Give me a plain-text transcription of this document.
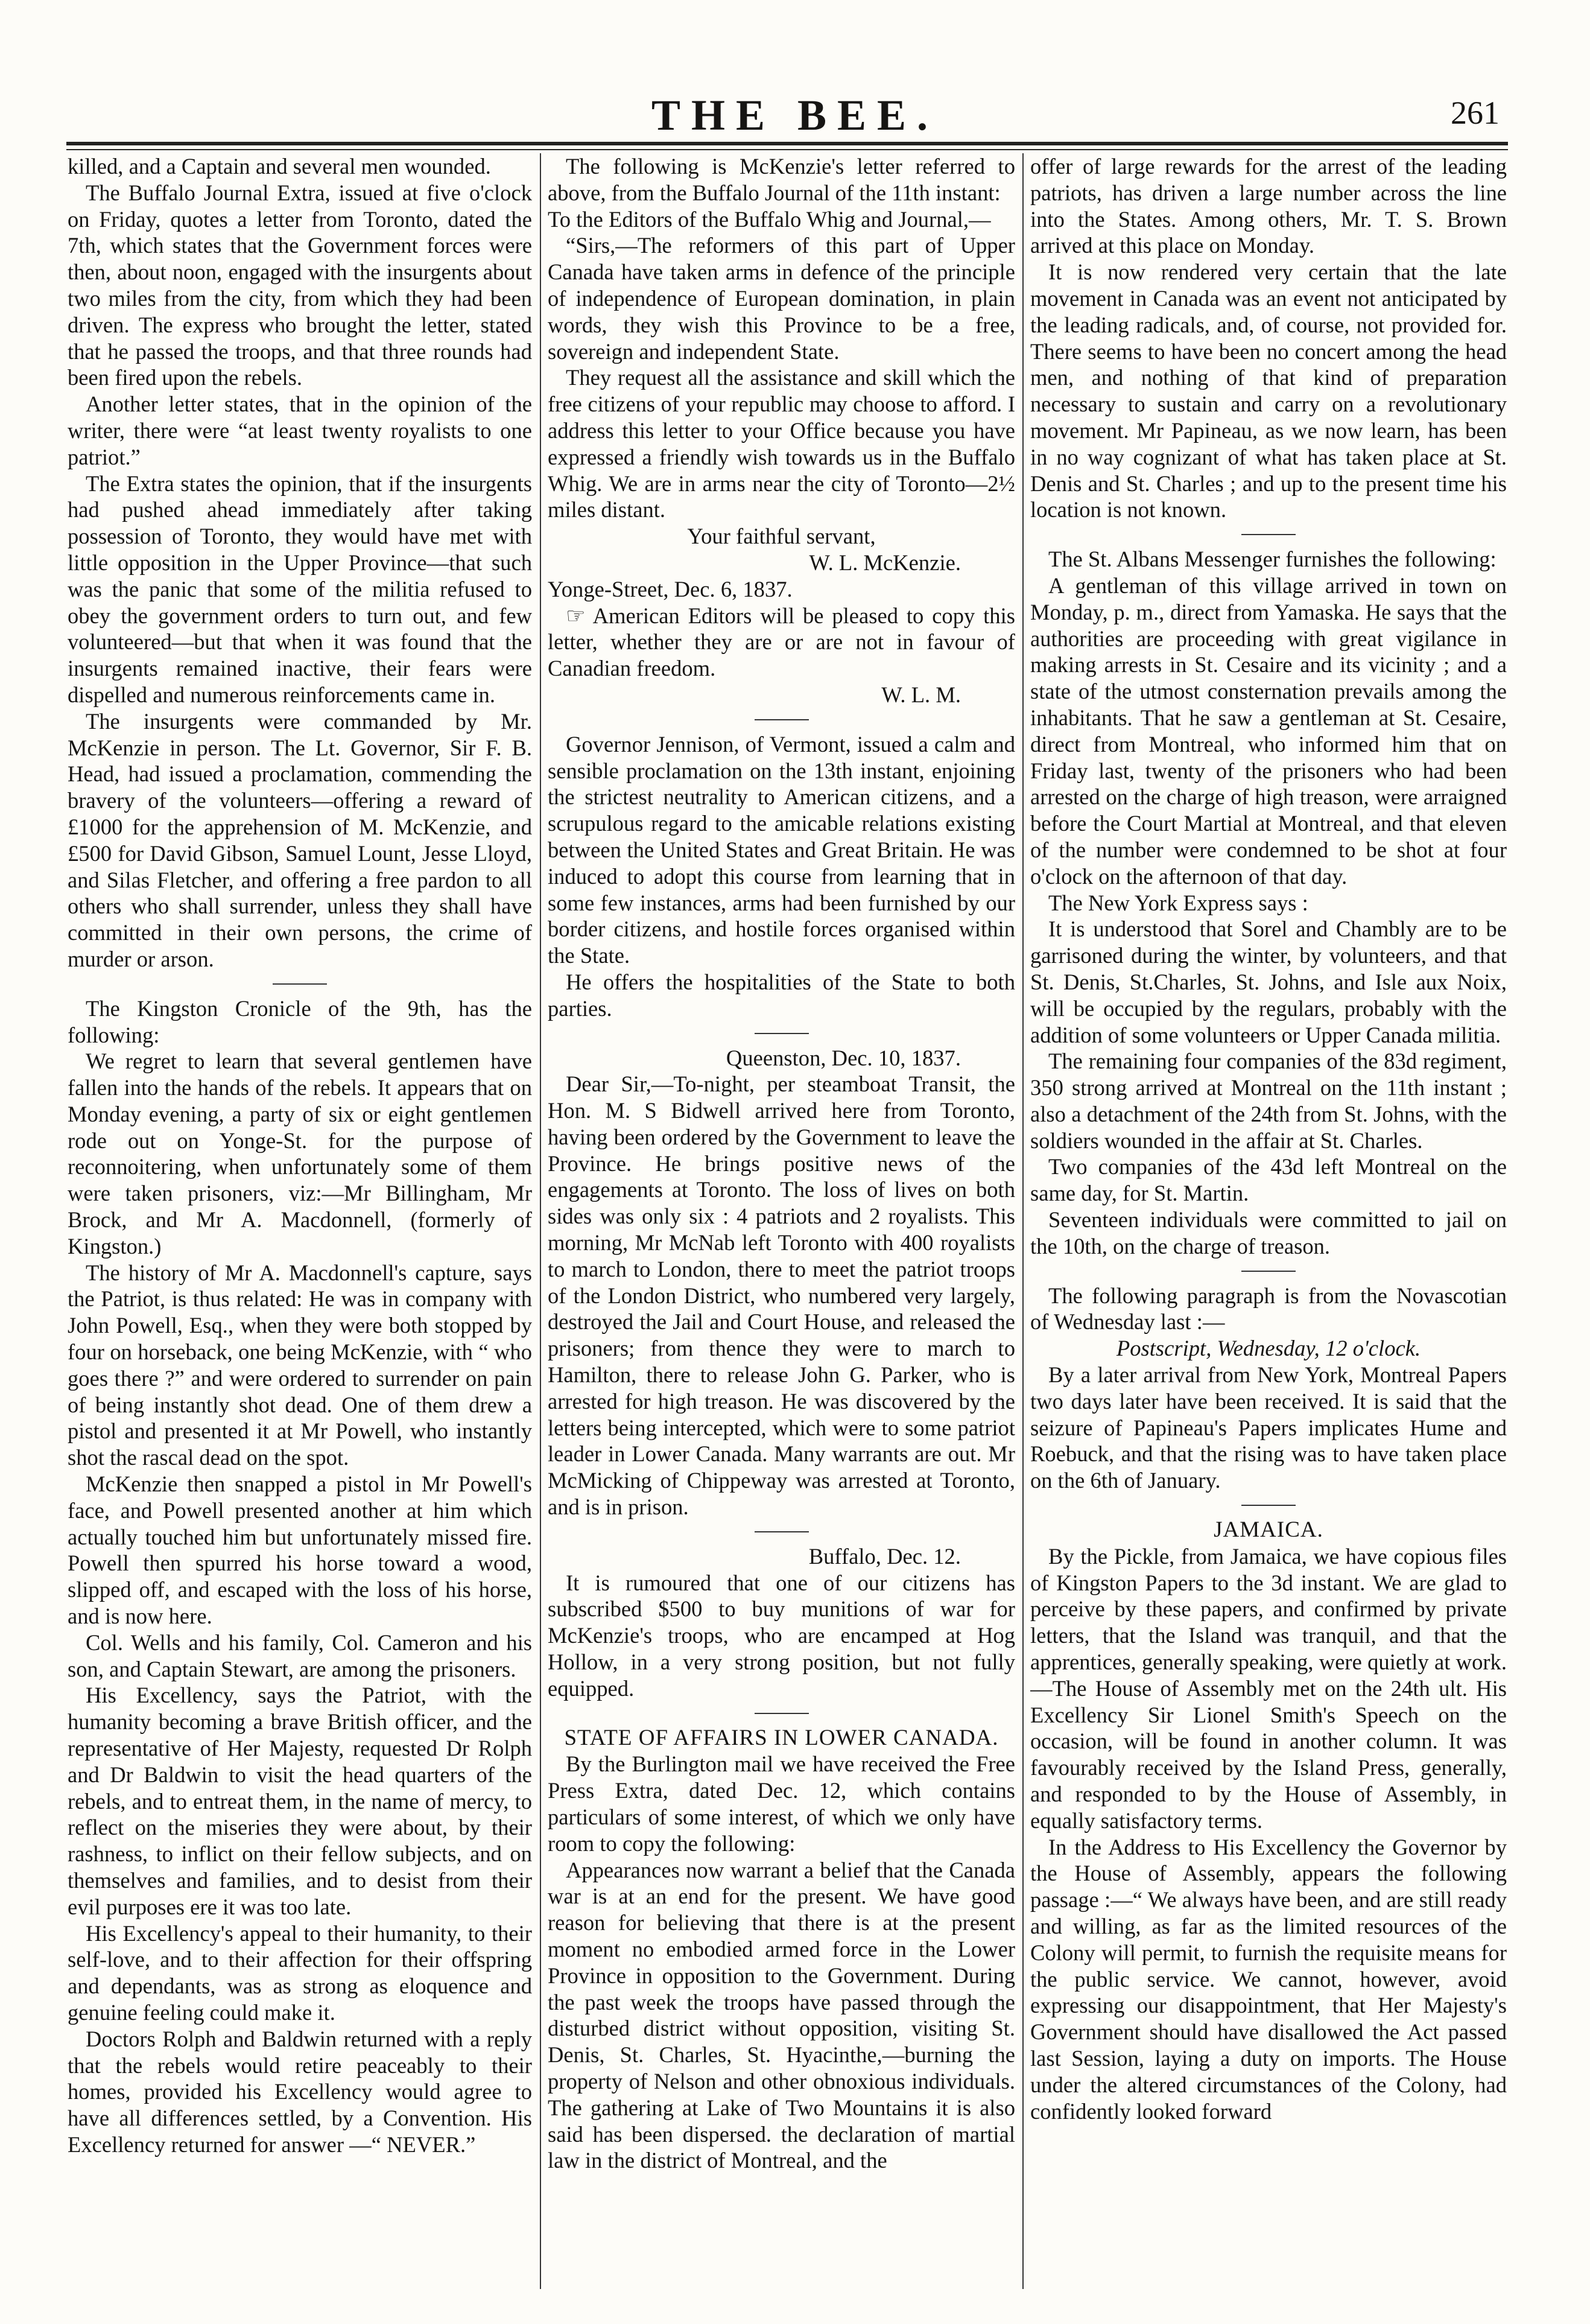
THE BEE.	261

killed, and a Captain and several men wounded.

The Buffalo Journal Extra, issued at five o'clock on Friday, quotes a letter from Toronto, dated the 7th, which states that the Government forces were then, about noon, engaged with the insurgents about two miles from the city, from which they had been driven. The express who brought the letter, stated that he passed the troops, and that three rounds had been fired upon the rebels.

Another letter states, that in the opinion of the writer, there were “at least twenty royalists to one patriot.”

The Extra states the opinion, that if the insurgents had pushed ahead immediately after taking possession of Toronto, they would have met with little opposition in the Upper Province—that such was the panic that some of the militia refused to obey the government orders to turn out, and few volunteered—but that when it was found that the insurgents remained inactive, their fears were dispelled and numerous reinforcements came in.

The insurgents were commanded by Mr. McKenzie in person. The Lt. Governor, Sir F. B. Head, had issued a proclamation, commending the bravery of the volunteers—offering a reward of £1000 for the apprehension of M. McKenzie, and £500 for David Gibson, Samuel Lount, Jesse Lloyd, and Silas Fletcher, and offering a free pardon to all others who shall surrender, unless they shall have committed in their own persons, the crime of murder or arson.

The Kingston Cronicle of the 9th, has the following:

We regret to learn that several gentlemen have fallen into the hands of the rebels. It appears that on Monday evening, a party of six or eight gentlemen rode out on Yonge-St. for the purpose of reconnoitering, when unfortunately some of them were taken prisoners, viz:—Mr Billingham, Mr Brock, and Mr A. Macdonnell, (formerly of Kingston.)

The history of Mr A. Macdonnell's capture, says the Patriot, is thus related: He was in company with John Powell, Esq., when they were both stopped by four on horseback, one being McKenzie, with “ who goes there ?” and were ordered to surrender on pain of being instantly shot dead. One of them drew a pistol and presented it at Mr Powell, who instantly shot the rascal dead on the spot.

McKenzie then snapped a pistol in Mr Powell's face, and Powell presented another at him which actually touched him but unfortunately missed fire. Powell then spurred his horse toward a wood, slipped off, and escaped with the loss of his horse, and is now here.

Col. Wells and his family, Col. Cameron and his son, and Captain Stewart, are among the prisoners.

His Excellency, says the Patriot, with the humanity becoming a brave British officer, and the representative of Her Majesty, requested Dr Rolph and Dr Baldwin to visit the head quarters of the rebels, and to entreat them, in the name of mercy, to reflect on the miseries they were about, by their rashness, to inflict on their fellow subjects, and on themselves and families, and to desist from their evil purposes ere it was too late.

His Excellency's appeal to their humanity, to their self-love, and to their affection for their offspring and dependants, was as strong as eloquence and genuine feeling could make it.

Doctors Rolph and Baldwin returned with a reply that the rebels would retire peaceably to their homes, provided his Excellency would agree to have all differences settled, by a Convention. His Excellency returned for answer —“ NEVER.”

The following is McKenzie's letter referred to above, from the Buffalo Journal of the 11th instant:

To the Editors of the Buffalo Whig and Journal,—

“Sirs,—The reformers of this part of Upper Canada have taken arms in defence of the principle of independence of European domination, in plain words, they wish this Province to be a free, sovereign and independent State.

They request all the assistance and skill which the free citizens of your republic may choose to afford. I address this letter to your Office because you have expressed a friendly wish towards us in the Buffalo Whig. We are in arms near the city of Toronto—2½ miles distant.

Your faithful servant,

W. L. McKenzie.

Yonge-Street, Dec. 6, 1837.

☞ American Editors will be pleased to copy this letter, whether they are or are not in favour of Canadian freedom.

W. L. M.

Governor Jennison, of Vermont, issued a calm and sensible proclamation on the 13th instant, enjoining the strictest neutrality to American citizens, and a scrupulous regard to the amicable relations existing between the United States and Great Britain. He was induced to adopt this course from learning that in some few instances, arms had been furnished by our border citizens, and hostile forces organised within the State.

He offers the hospitalities of the State to both parties.

Queenston, Dec. 10, 1837.

Dear Sir,—To-night, per steamboat Transit, the Hon. M. S Bidwell arrived here from Toronto, having been ordered by the Government to leave the Province. He brings positive news of the engagements at Toronto. The loss of lives on both sides was only six : 4 patriots and 2 royalists. This morning, Mr McNab left Toronto with 400 royalists to march to London, there to meet the patriot troops of the London District, who numbered very largely, destroyed the Jail and Court House, and released the prisoners; from thence they were to march to Hamilton, there to release John G. Parker, who is arrested for high treason. He was discovered by the letters being intercepted, which were to some patriot leader in Lower Canada. Many warrants are out. Mr McMicking of Chippeway was arrested at Toronto, and is in prison.

Buffalo, Dec. 12.

It is rumoured that one of our citizens has subscribed $500 to buy munitions of war for McKenzie's troops, who are encamped at Hog Hollow, in a very strong position, but not fully equipped.

STATE OF AFFAIRS IN LOWER CANADA.

By the Burlington mail we have received the Free Press Extra, dated Dec. 12, which contains particulars of some interest, of which we only have room to copy the following:

Appearances now warrant a belief that the Canada war is at an end for the present. We have good reason for believing that there is at the present moment no embodied armed force in the Lower Province in opposition to the Government. During the past week the troops have passed through the disturbed district without opposition, visiting St. Denis, St. Charles, St. Hyacinthe,—burning the property of Nelson and other obnoxious individuals. The gathering at Lake of Two Mountains it is also said has been dispersed. the declaration of martial law in the district of Montreal, and the

offer of large rewards for the arrest of the leading patriots, has driven a large number across the line into the States. Among others, Mr. T. S. Brown arrived at this place on Monday.

It is now rendered very certain that the late movement in Canada was an event not anticipated by the leading radicals, and, of course, not provided for. There seems to have been no concert among the head men, and nothing of that kind of preparation necessary to sustain and carry on a revolutionary movement. Mr Papineau, as we now learn, has been in no way cognizant of what has taken place at St. Denis and St. Charles ; and up to the present time his location is not known.

The St. Albans Messenger furnishes the following:

A gentleman of this village arrived in town on Monday, p. m., direct from Yamaska. He says that the authorities are proceeding with great vigilance in making arrests in St. Cesaire and its vicinity ; and a state of the utmost consternation prevails among the inhabitants. That he saw a gentleman at St. Cesaire, direct from Montreal, who informed him that on Friday last, twenty of the prisoners who had been arrested on the charge of high treason, were arraigned before the Court Martial at Montreal, and that eleven of the number were condemned to be shot at four o'clock on the afternoon of that day.

The New York Express says :

It is understood that Sorel and Chambly are to be garrisoned during the winter, by volunteers, and that St. Denis, St.Charles, St. Johns, and Isle aux Noix, will be occupied by the regulars, probably with the addition of some volunteers or Upper Canada militia.

The remaining four companies of the 83d regiment, 350 strong arrived at Montreal on the 11th instant ; also a detachment of the 24th from St. Johns, with the soldiers wounded in the affair at St. Charles.

Two companies of the 43d left Montreal on the same day, for St. Martin.

Seventeen individuals were committed to jail on the 10th, on the charge of treason.

The following paragraph is from the Novascotian of Wednesday last :—

Postscript, Wednesday, 12 o'clock.

By a later arrival from New York, Montreal Papers two days later have been received. It is said that the seizure of Papineau's Papers implicates Hume and Roebuck, and that the rising was to have taken place on the 6th of January.

JAMAICA.

By the Pickle, from Jamaica, we have copious files of Kingston Papers to the 3d instant. We are glad to perceive by these papers, and confirmed by private letters, that the Island was tranquil, and that the apprentices, generally speaking, were quietly at work.—The House of Assembly met on the 24th ult. His Excellency Sir Lionel Smith's Speech on the occasion, will be found in another column. It was favourably received by the Island Press, generally, and responded to by the House of Assembly, in equally satisfactory terms.

In the Address to His Excellency the Governor by the House of Assembly, appears the following passage :—“ We always have been, and are still ready and willing, as far as the limited resources of the Colony will permit, to furnish the requisite means for the public service. We cannot, however, avoid expressing our disappointment, that Her Majesty's Government should have disallowed the Act passed last Session, laying a duty on imports. The House under the altered circumstances of the Colony, had confidently looked forward
